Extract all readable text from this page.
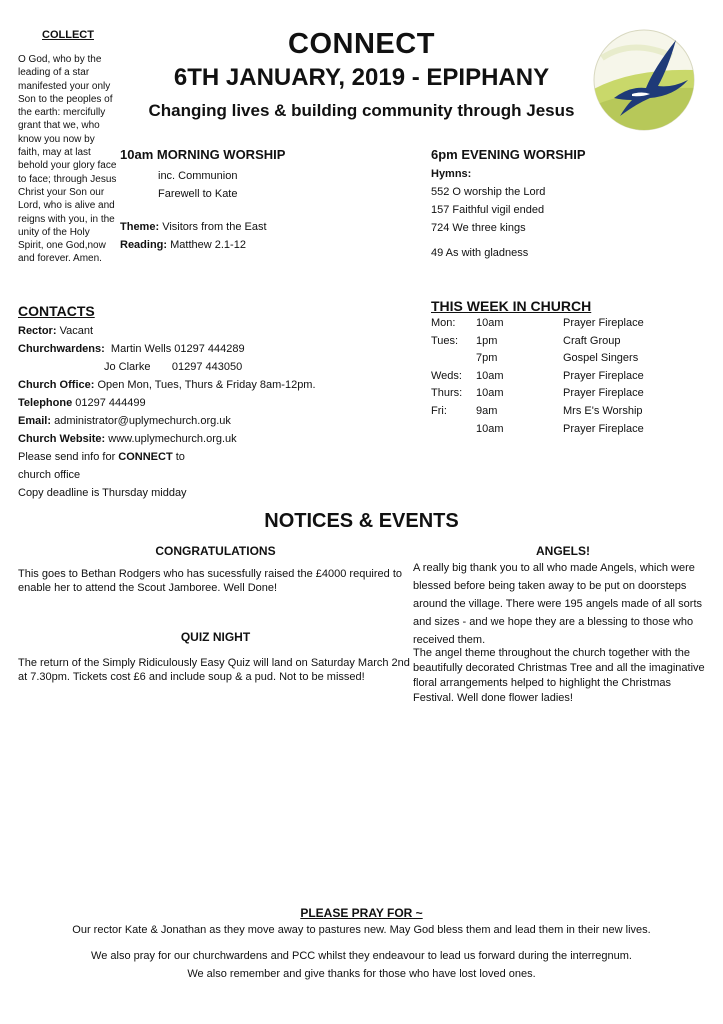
CONNECT
6TH JANUARY, 2019 - EPIPHANY
Changing lives & building community through Jesus
COLLECT
O God, who by the leading of a star manifested your only Son to the peoples of the earth: mercifully grant that we, who know you now by faith, may at last behold your glory face to face; through Jesus Christ your Son our Lord, who is alive and reigns with you, in the unity of the Holy Spirit, one God,now and forever. Amen.
10am MORNING WORSHIP
inc. Communion
Farewell to Kate
Theme: Visitors from the East
Reading: Matthew 2.1-12
6pm EVENING WORSHIP
Hymns:
552 O worship the Lord
157 Faithful vigil ended
724 We three kings
49 As with gladness
CONTACTS
Rector: Vacant
Churchwardens: Martin Wells 01297 444289
Jo Clarke       01297 443050
Church Office: Open Mon, Tues, Thurs & Friday 8am-12pm.
Telephone 01297 444499
Email: administrator@uplymechurch.org.uk
Church Website: www.uplymechurch.org.uk
Please send info for CONNECT to
church office
Copy deadline is Thursday midday
THIS WEEK IN CHURCH
Mon:	10am	Prayer Fireplace
Tues:	1pm	Craft Group
	7pm	Gospel Singers
Weds:	10am	Prayer Fireplace
Thurs:	10am	Prayer Fireplace
Fri:	9am	Mrs E's Worship
	10am	Prayer Fireplace
NOTICES & EVENTS
CONGRATULATIONS
This goes to Bethan Rodgers who has sucessfully raised the £4000 required to enable her to attend the Scout Jamboree. Well Done!
QUIZ NIGHT
The return of the Simply Ridiculously Easy Quiz will land on Saturday March 2nd at 7.30pm. Tickets cost £6 and include soup & a pud. Not to be missed!
ANGELS!
A really big thank you to all who made Angels, which were blessed before being taken away to be put on doorsteps around the village. There were 195 angels made of all sorts and sizes - and we hope they are a blessing to those who received them.
The angel theme throughout the church together with the beautifully decorated Christmas Tree and all the imaginative floral arrangements helped to highlight the Christmas Festival. Well done flower ladies!
PLEASE PRAY FOR ~
Our rector Kate & Jonathan as they move away to pastures new. May God bless them and lead them in their new lives.
We also pray for our churchwardens and PCC whilst they endeavour to lead us forward during the interregnum.
We also remember and give thanks for those who have lost loved ones.
